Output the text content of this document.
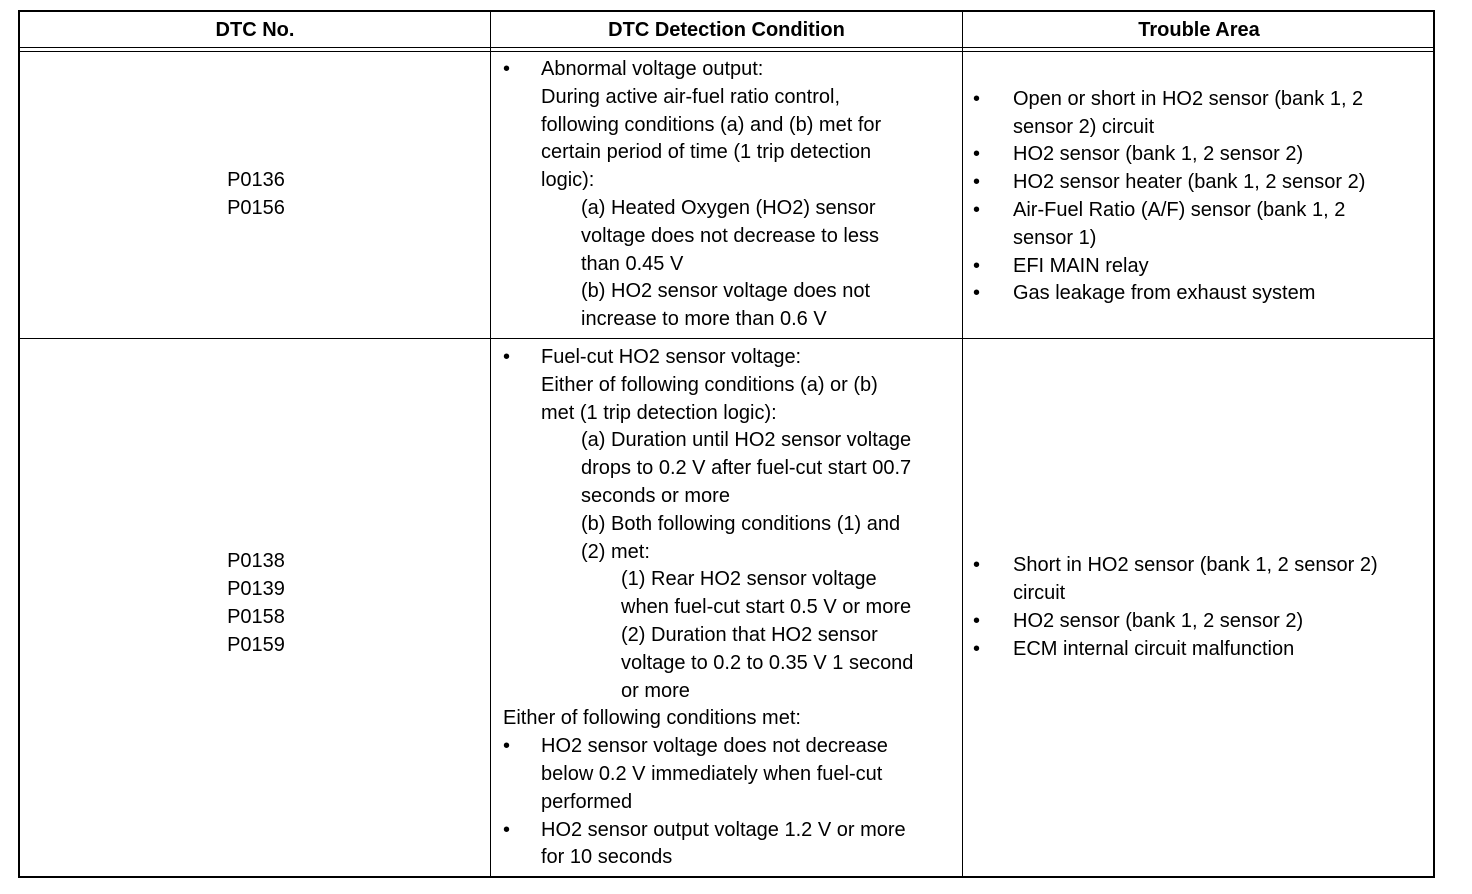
DTC No.	DTC Detection Condition	Trouble Area
P0136
P0156
• Abnormal voltage output:
During active air-fuel ratio control,
following conditions (a) and (b) met for
certain period of time (1 trip detection
logic):
(a) Heated Oxygen (HO2) sensor
voltage does not decrease to less
than 0.45 V
(b) HO2 sensor voltage does not
increase to more than 0.6 V
• Open or short in HO2 sensor (bank 1, 2
sensor 2) circuit
• HO2 sensor (bank 1, 2 sensor 2)
• HO2 sensor heater (bank 1, 2 sensor 2)
• Air-Fuel Ratio (A/F) sensor (bank 1, 2
sensor 1)
• EFI MAIN relay
• Gas leakage from exhaust system
P0138
P0139
P0158
P0159
• Fuel-cut HO2 sensor voltage:
Either of following conditions (a) or (b)
met (1 trip detection logic):
(a) Duration until HO2 sensor voltage
drops to 0.2 V after fuel-cut start 00.7
seconds or more
(b) Both following conditions (1) and
(2) met:
(1) Rear HO2 sensor voltage
when fuel-cut start 0.5 V or more
(2) Duration that HO2 sensor
voltage to 0.2 to 0.35 V 1 second
or more
Either of following conditions met:
• HO2 sensor voltage does not decrease
below 0.2 V immediately when fuel-cut
performed
• HO2 sensor output voltage 1.2 V or more
for 10 seconds
• Short in HO2 sensor (bank 1, 2 sensor 2)
circuit
• HO2 sensor (bank 1, 2 sensor 2)
• ECM internal circuit malfunction
